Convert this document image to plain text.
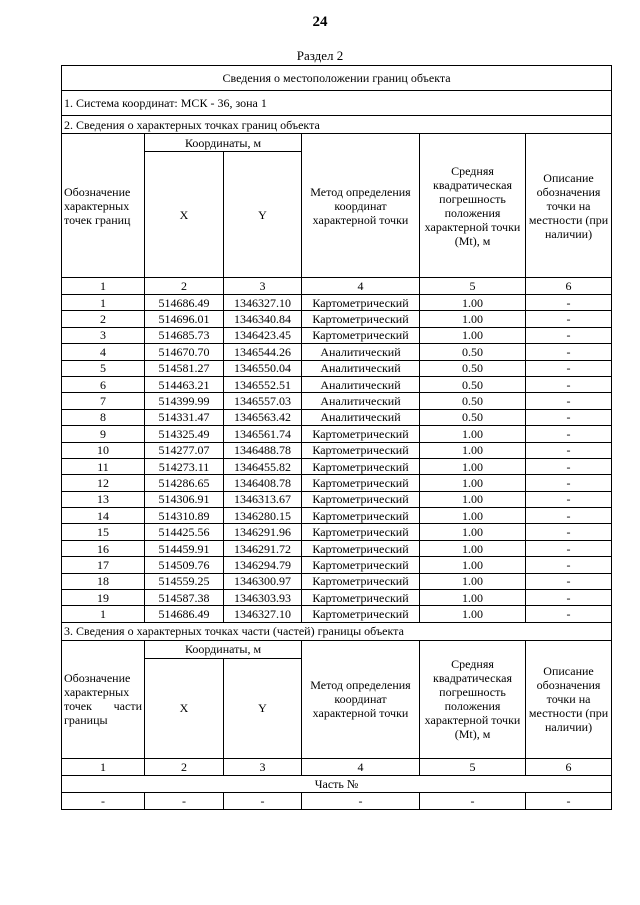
24
Раздел 2
Сведения о местоположении границ объекта					
1. Система координат: МСК - 36, зона 1					
2. Сведения о характерных точках границ объекта					
Обозначение характерных точек границ	Координаты, м		Метод определения координат характерной точки	Средняя квадратическая погрешность положения характерной точки (Mt), м	Описание обозначения точки на местности (при наличии)
	X	Y			
1	2	3	4	5	6
1	514686.49	1346327.10	Картометрический	1.00	-
2	514696.01	1346340.84	Картометрический	1.00	-
3	514685.73	1346423.45	Картометрический	1.00	-
4	514670.70	1346544.26	Аналитический	0.50	-
5	514581.27	1346550.04	Аналитический	0.50	-
6	514463.21	1346552.51	Аналитический	0.50	-
7	514399.99	1346557.03	Аналитический	0.50	-
8	514331.47	1346563.42	Аналитический	0.50	-
9	514325.49	1346561.74	Картометрический	1.00	-
10	514277.07	1346488.78	Картометрический	1.00	-
11	514273.11	1346455.82	Картометрический	1.00	-
12	514286.65	1346408.78	Картометрический	1.00	-
13	514306.91	1346313.67	Картометрический	1.00	-
14	514310.89	1346280.15	Картометрический	1.00	-
15	514425.56	1346291.96	Картометрический	1.00	-
16	514459.91	1346291.72	Картометрический	1.00	-
17	514509.76	1346294.79	Картометрический	1.00	-
18	514559.25	1346300.97	Картометрический	1.00	-
19	514587.38	1346303.93	Картометрический	1.00	-
1	514686.49	1346327.10	Картометрический	1.00	-
3. Сведения о характерных точках части (частей) границы объекта					
Обозначение характерных точек части границы	Координаты, м		Метод определения координат характерной точки	Средняя квадратическая погрешность положения характерной точки (Mt), м	Описание обозначения точки на местности (при наличии)
	X	Y			
1	2	3	4	5	6
Часть №					
-	-	-	-	-	-
